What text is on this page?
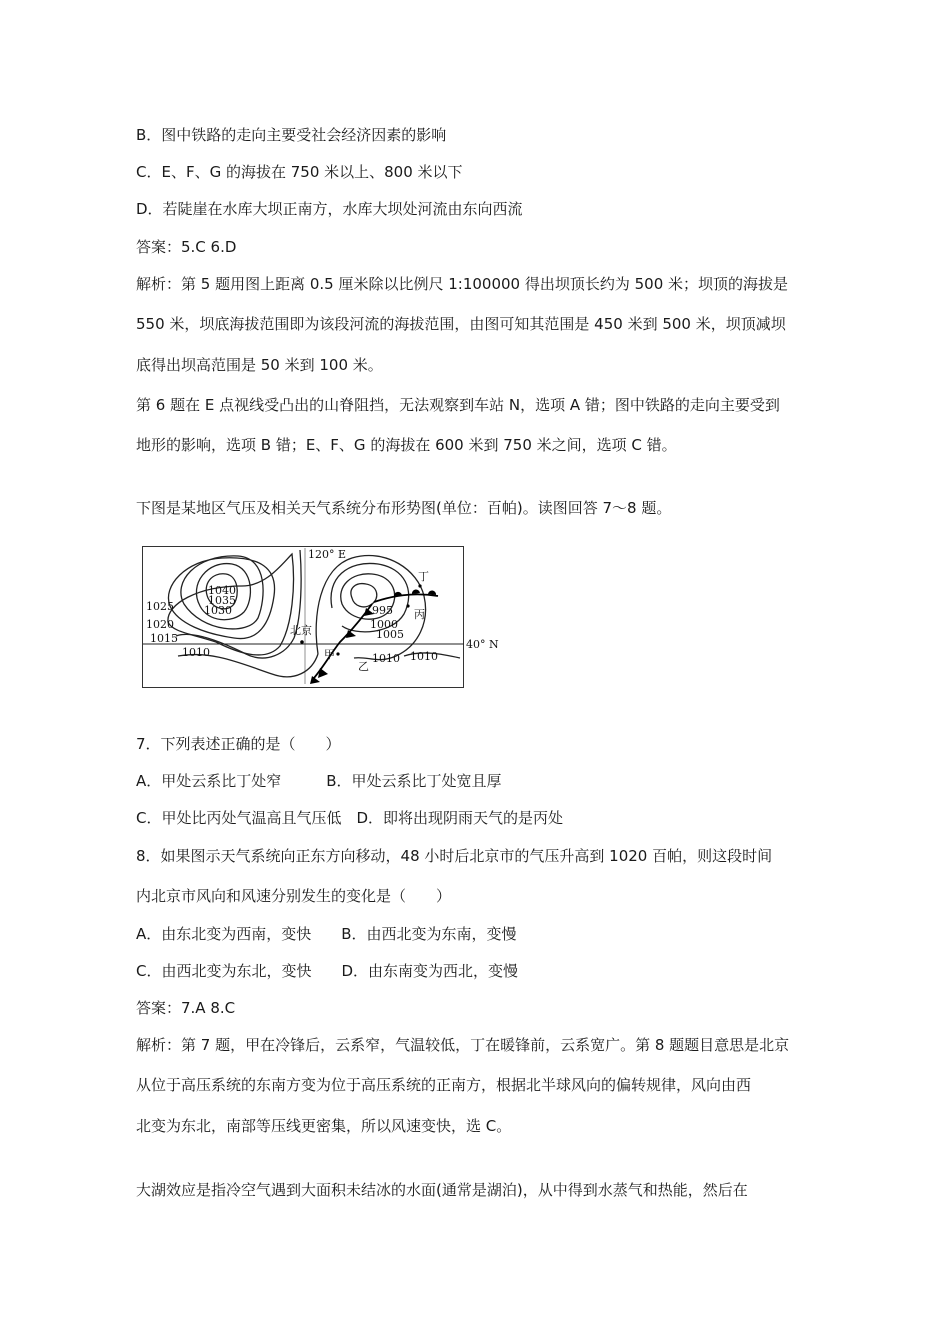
B．图中铁路的走向主要受社会经济因素的影响
C．E、F、G 的海拔在 750 米以上、800 米以下
D．若陡崖在水库大坝正南方，水库大坝处河流由东向西流
答案：5.C 6.D
解析：第 5 题用图上距离 0.5 厘米除以比例尺 1:100000 得出坝顶长约为 500 米；坝顶的海拔是
550 米，坝底海拔范围即为该段河流的海拔范围，由图可知其范围是 450 米到 500 米，坝顶减坝
底得出坝高范围是 50 米到 100 米。
第 6 题在 E 点视线受凸出的山脊阻挡，无法观察到车站 N，选项 A 错；图中铁路的走向主要受到
地形的影响，选项 B 错；E、F、G 的海拔在 600 米到 750 米之间，选项 C 错。
下图是某地区气压及相关天气系统分布形势图(单位：百帕)。读图回答 7～8 题。
120° E
40° N
1040
1035
1030
1025
1020
1015
1010
995
1000
1005
1010 1010
北京
甲
乙
丙
丁
7．下列表述正确的是（　　）
A．甲处云系比丁处窄　　　B．甲处云系比丁处宽且厚
C．甲处比丙处气温高且气压低　D．即将出现阴雨天气的是丙处
8．如果图示天气系统向正东方向移动，48 小时后北京市的气压升高到 1020 百帕，则这段时间
内北京市风向和风速分别发生的变化是（　　）
A．由东北变为西南，变快　　B．由西北变为东南，变慢
C．由西北变为东北，变快　　D．由东南变为西北，变慢
答案：7.A 8.C
解析：第 7 题，甲在冷锋后，云系窄，气温较低，丁在暖锋前，云系宽广。第 8 题题目意思是北京
从位于高压系统的东南方变为位于高压系统的正南方，根据北半球风向的偏转规律，风向由西
北变为东北，南部等压线更密集，所以风速变快，选 C。
大湖效应是指冷空气遇到大面积未结冰的水面(通常是湖泊)，从中得到水蒸气和热能，然后在
